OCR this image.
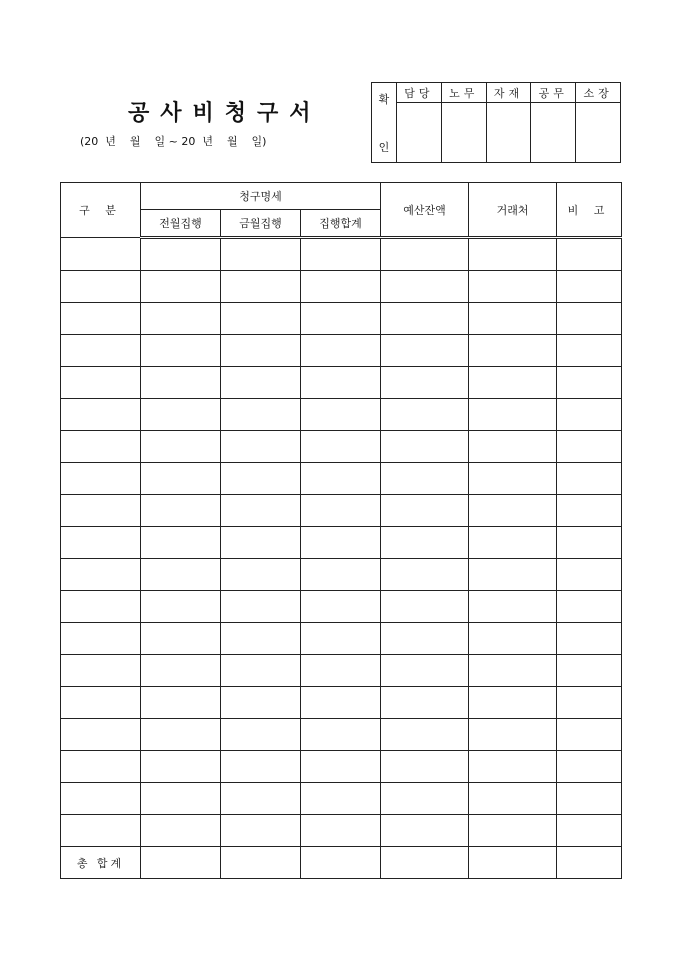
공사비청구서
(20  년    월    일 ~ 20  년    월    일)
확
인	담당	노무	자재	공무	소장

구 분	청구명세			예산잔액	거래처	비 고
	전월집행	금월집행	집행합계			

총 합계						
